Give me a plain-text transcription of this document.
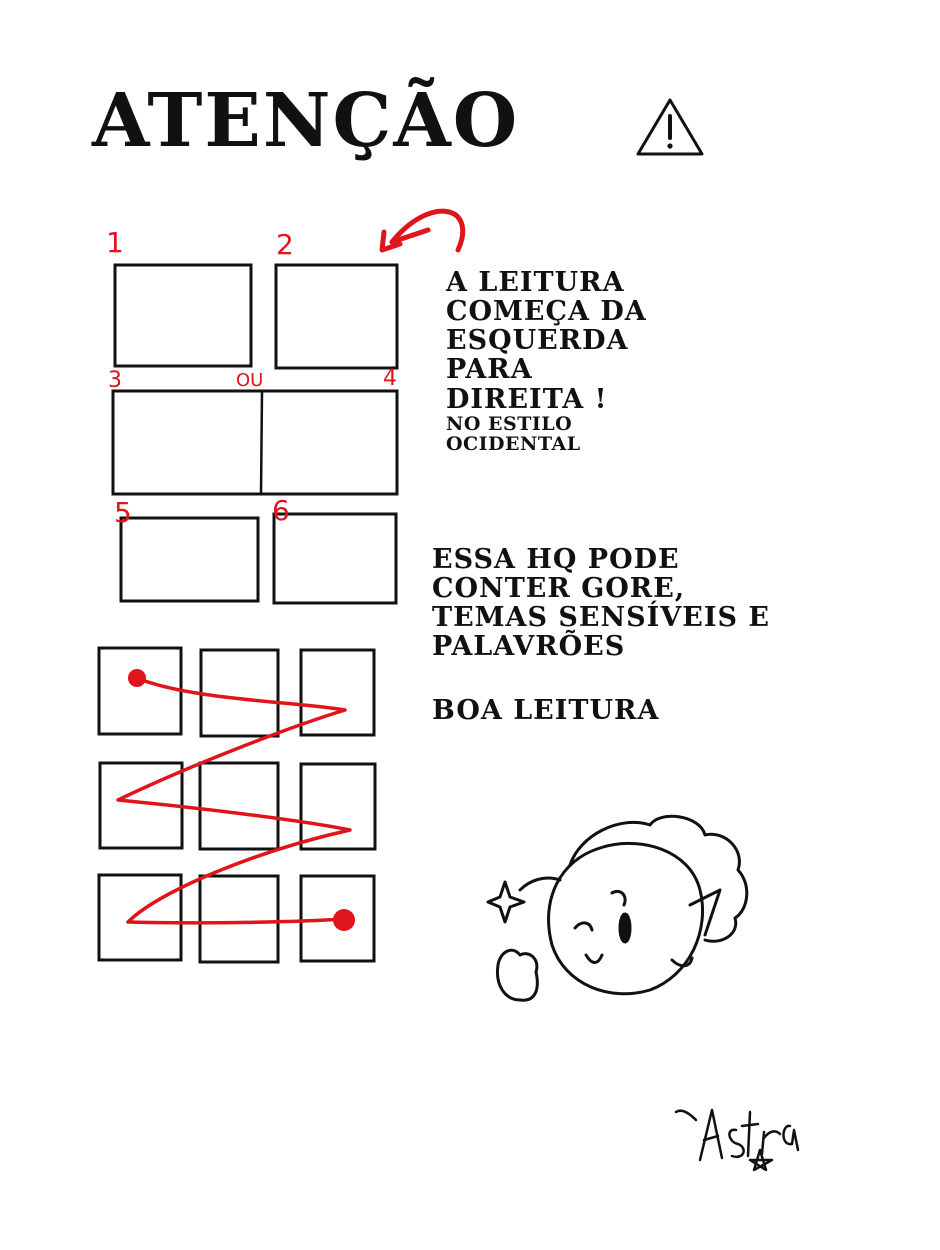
ATENÇÃO
1	2
3	OU	4
5	6
A LEITURA
COMEÇA DA
ESQUERDA
PARA
DIREITA !
NO ESTILO
OCIDENTAL
ESSA HQ PODE
CONTER GORE,
TEMAS SENSÍVEIS E
PALAVRÕES
BOA LEITURA
